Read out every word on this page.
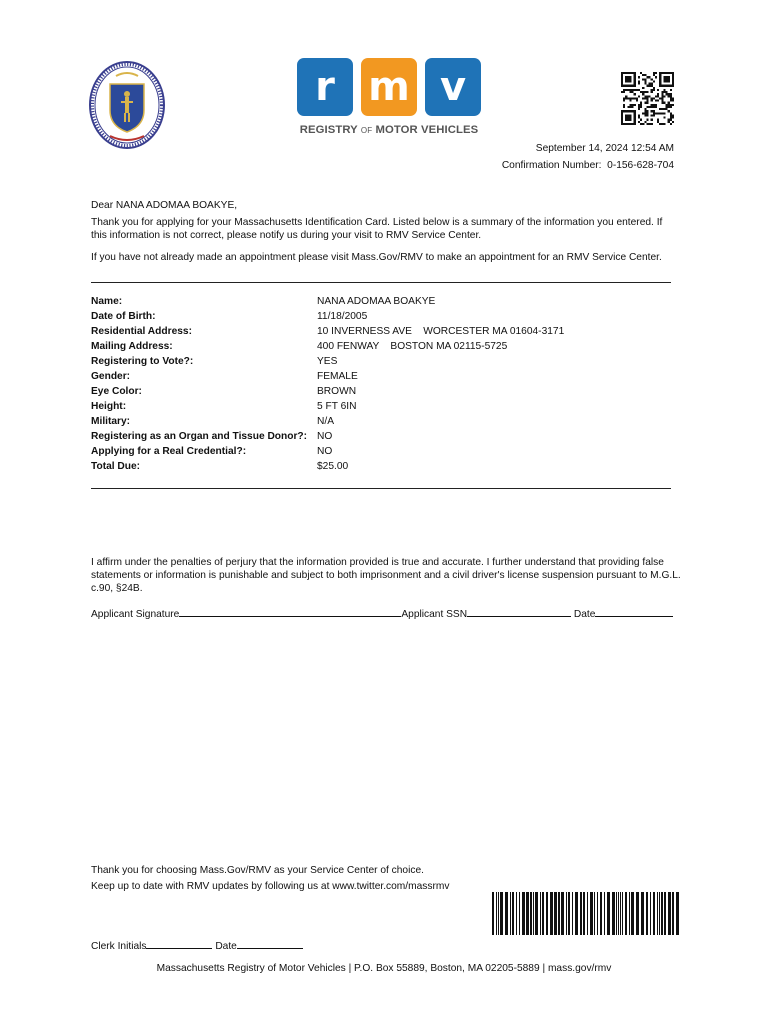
r m v
REGISTRY OF MOTOR VEHICLES
September 14, 2024 12:54 AM
Confirmation Number: 0-156-628-704
Dear NANA ADOMAA BOAKYE,
Thank you for applying for your Massachusetts Identification Card. Listed below is a summary of the information you entered. If this information is not correct, please notify us during your visit to RMV Service Center.
If you have not already made an appointment please visit Mass.Gov/RMV to make an appointment for an RMV Service Center.
Name:	NANA ADOMAA BOAKYE
Date of Birth:	11/18/2005
Residential Address:	10 INVERNESS AVE    WORCESTER MA 01604-3171
Mailing Address:	400 FENWAY    BOSTON MA 02115-5725
Registering to Vote?:	YES
Gender:	FEMALE
Eye Color:	BROWN
Height:	5 FT 6IN
Military:	N/A
Registering as an Organ and Tissue Donor?: NO
Applying for a Real Credential?:	NO
Total Due:	$25.00
I affirm under the penalties of perjury that the information provided is true and accurate. I further understand that providing false statements or information is punishable and subject to both imprisonment and a civil driver's license suspension pursuant to M.G.L. c.90, §24B.
Applicant Signature	Applicant SSN	Date
Thank you for choosing Mass.Gov/RMV as your Service Center of choice.
Keep up to date with RMV updates by following us at www.twitter.com/massrmv
Clerk Initials	Date
Massachusetts Registry of Motor Vehicles | P.O. Box 55889, Boston, MA 02205-5889 | mass.gov/rmv
